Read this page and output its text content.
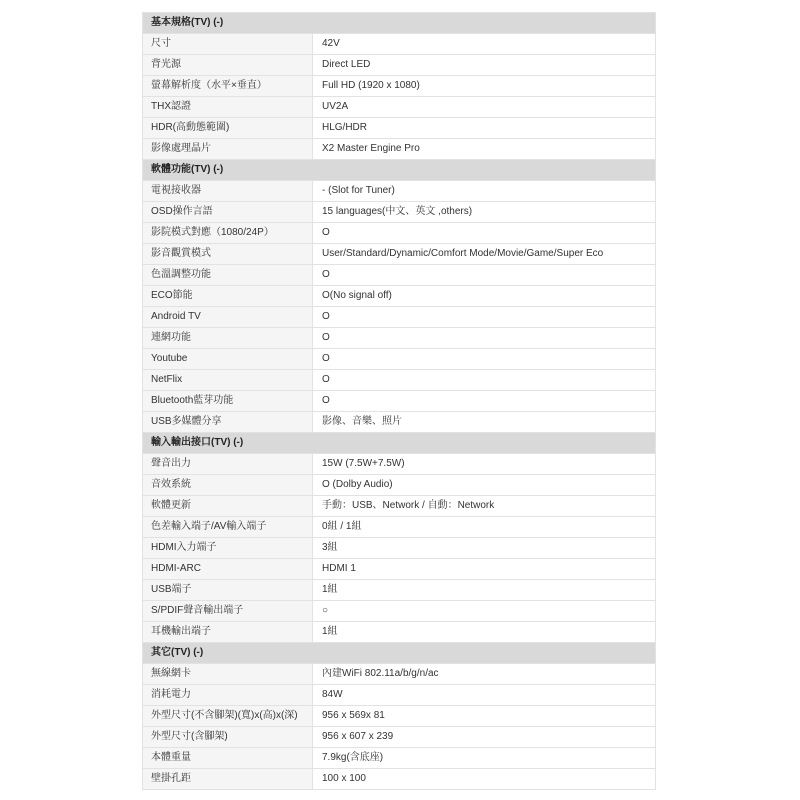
基本規格(TV) (-)
尺寸	42V
背光源	Direct LED
螢幕解析度（水平×垂直）	Full HD (1920 x 1080)
THX認證	UV2A
HDR(高動態範圍)	HLG/HDR
影像處理晶片	X2 Master Engine Pro
軟體功能(TV) (-)
電視接收器	- (Slot for Tuner)
OSD操作言語	15 languages(中文、英文 ,others)
影院模式對應（1080/24P）	O
影音觀賞模式	User/Standard/Dynamic/Comfort Mode/Movie/Game/Super Eco
色溫調整功能	O
ECO節能	O(No signal off)
Android TV	O
連網功能	O
Youtube	O
NetFlix	O
Bluetooth藍芽功能	O
USB多媒體分享	影像、音樂、照片
輸入輸出接口(TV) (-)
聲音出力	15W (7.5W+7.5W)
音效系統	O (Dolby Audio)
軟體更新	手動：USB、Network / 自動：Network
色差輸入端子/AV輸入端子	0組 / 1組
HDMI入力端子	3組
HDMI-ARC	HDMI 1
USB端子	1組
S/PDIF聲音輸出端子	○
耳機輸出端子	1組
其它(TV) (-)
無線網卡	內建WiFi 802.11a/b/g/n/ac
消耗電力	84W
外型尺寸(不含腳架)(寬)x(高)x(深)	956 x 569x 81
外型尺寸(含腳架)	956 x 607 x 239
本體重量	7.9kg(含底座)
壁掛孔距	100 x 100
